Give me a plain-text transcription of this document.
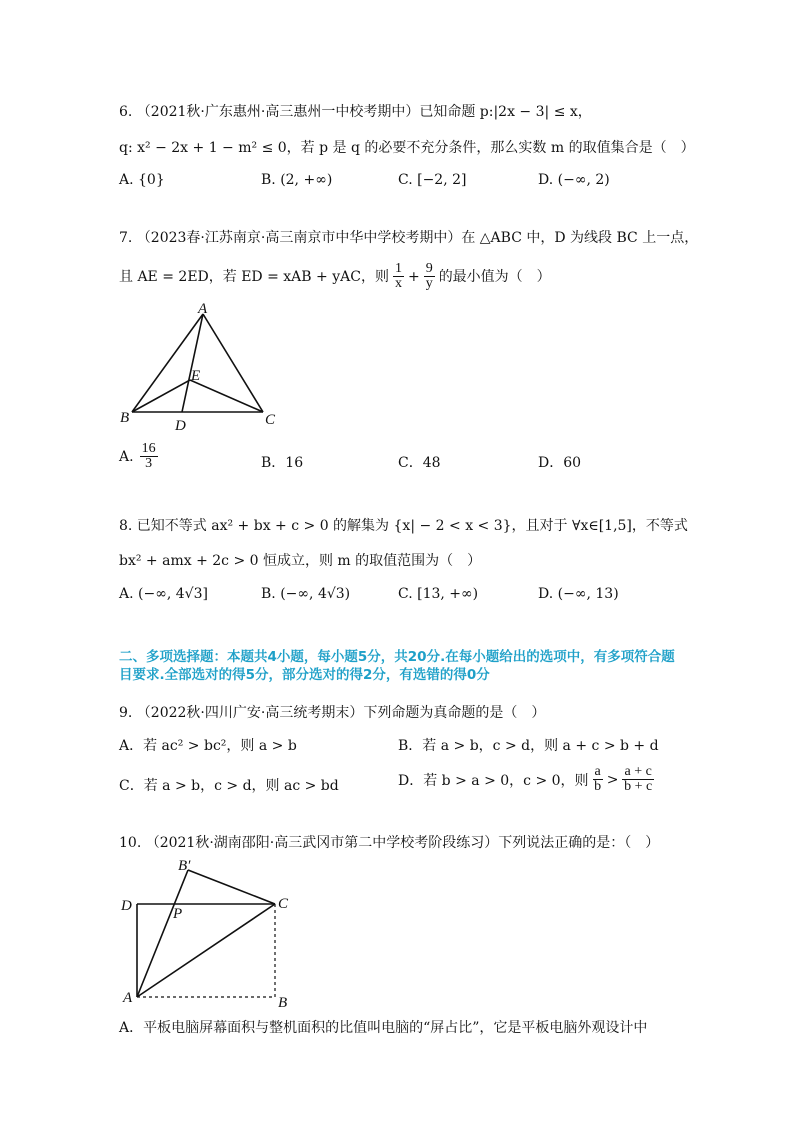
6. （2021秋·广东惠州·高三惠州一中校考期中）已知命题 p:|2x − 3| ≤ x，
q: x² − 2x + 1 − m² ≤ 0，若 p 是 q 的必要不充分条件，那么实数 m 的取值集合是（　）
A. {0}	B. (2, +∞)	C. [−2, 2]	D. (−∞, 2)
7. （2023春·江苏南京·高三南京市中华中学校考期中）在 △ABC 中，D 为线段 BC 上一点，
且 AE = 2ED，若 ED = xAB + yAC，则 $\frac{1}{x} + \frac{9}{y}$ 的最小值为（　）
A
B	C
D
E
A. $\frac{16}{3}$	B．16	C．48	D．60
8. 已知不等式 ax² + bx + c > 0 的解集为 {x| − 2 < x < 3}，且对于 ∀x∈[1,5]，不等式
bx² + amx + 2c > 0 恒成立，则 m 的取值范围为（　）
A. (−∞, 4√3]	B. (−∞, 4√3)	C. [13, +∞)	D. (−∞, 13)
二、多项选择题：本题共4小题，每小题5分，共20分.在每小题给出的选项中，有多项符合题目要求.全部选对的得5分，部分选对的得2分，有选错的得0分
9. （2022秋·四川广安·高三统考期末）下列命题为真命题的是（　）
A．若 ac² > bc²，则 a > b	B．若 a > b，c > d，则 a + c > b + d
C．若 a > b，c > d，则 ac > bd	D．若 b > a > 0，c > 0，则 $\frac{a}{b} > \frac{a + c}{b + c}$
10. （2021秋·湖南邵阳·高三武冈市第二中学校考阶段练习）下列说法正确的是：（　）
B′
D	P
C
A	B
A．平板电脑屏幕面积与整机面积的比值叫电脑的“屏占比”，它是平板电脑外观设计中
